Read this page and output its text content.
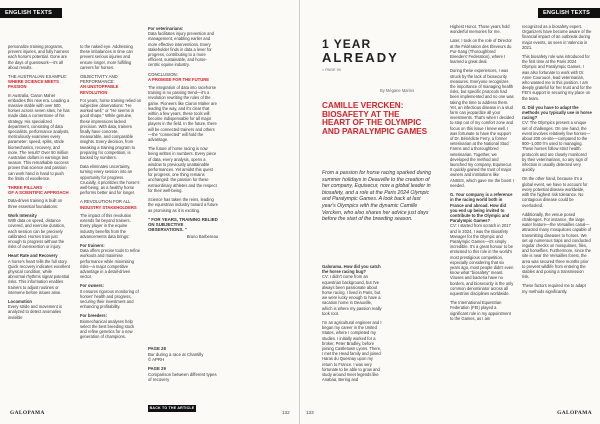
ENGLISH TEXTS

personalize training programs, prevent injuries, and fully harness each horse's potential. Gone are the days of guesswork—it's all about results.

THE AUSTRALIAN EXAMPLE:
WHERE SCIENCE MEETS PASSION

In Australia, Ciaron Maher embodies this new era. Leading a massive stable with over 600 horses across seven sites, he has made data a cornerstone of his strategy. His specialized department, consisting of data specialists, performance analysts, meticulously examines every parameter: speed, splits, stride biomechanics, recovery, and more. The result? Over 50 million Australian dollars in earnings last season. This remarkable success proves that science and passion can work hand in hand to push the limits of excellence.

THREE PILLARS
OF A SCIENTIFIC APPROACH

Data-driven training is built on three essential foundations:

Work Intensity

With data on speed, distance covered, and exercise duration, each session can be precisely calibrated. Horses train just enough to progress without the risks of overexertion or injury.

Heart Rate and Recovery

A horse's heart tells the full story. Quick recovery indicates excellent physical condition, while abnormal rhythms signal potential risks. This information enables trainers to adjust routines or intervene before issues arise.

Locomotion

Every stride and movement is analyzed to detect anomalies invisible

to the naked eye. Addressing these imbalances in time can prevent serious injuries and ensure longer, more fulfilling careers for horses.

OBJECTIVITY AND PERFORMANCE:
AN UNSTOPPABLE REVOLUTION

For years, horse training relied on subjective observations: "He worked well," or "He seems in good shape." While genuine, these impressions lacked precision. With data, trainers finally have concrete, measurable, and comparable insights. Every decision, from tweaking a training program to preparing for competition, is backed by numbers.

Data eliminates uncertainty, turning every session into an opportunity for progress. Crucially, it prioritizes the horse's well-being, as a healthy horse performs better and for longer.

A REVOLUTION FOR ALL
INDUSTRY STAKEHOLDERS

The impact of this revolution extends far beyond trainers. Every player in the equine industry benefits from the advancements data brings:

For trainers:

Data offers precise tools to refine workouts and maximise performance while minimising risks—a major competitive advantage in a detail-driven sector.

For owners:

It ensures rigorous monitoring of horses' health and progress, securing their investment and enhancing profitability.

For breeders:

Biomechanical analyses help select the best breeding stock and refine genetics for a new generation of champions.

For veterinarians:

Data facilitates injury prevention and management, enabling earlier and more effective interventions. Every stakeholder finds in data a lever for progress, contributing to a more efficient, sustainable, and horse-centric equine industry.

CONCLUSION:
A PROMISE FOR THE FUTURE

The integration of data into racehorse training is no passing trend—it's a revolution rewriting the rules of the game. Pioneers like Ciaron Maher are leading the way, and it's clear that within a few years, these tools will become indispensable for all major players in the field. In the future, there will be connected trainers and others—the "connected" will hold the advantage.

The future of horse racing is now being written in numbers. Every piece of data, every analysis, opens a window to previously unattainable performances. Yet amidst this quest for progress, one thing remains unchanged: the passion for these extraordinary athletes and the respect for their well-being.

Science has taken the reins, leading the equestrian industry toward a future as promising as it is exciting.

" FOR YEARS, TRAINING RELIED ON SUBJECTIVE OBSERVATIONS. "
Bruno Barbereau
PAGE 28
Bur during a race at Chantilly
© APRH
PAGE 29
Comparison between different types of recovery
BACK TO THE ARTICLE →
GALOPAMA	132
ENGLISH TEXTS
1 YEAR
ALREADY
> PAGE 90
By Mégane Marins
CAMILLE VERCKEN: BIOSAFETY AT THE HEART OF THE OLYMPIC AND PARALYMPIC GAMES
From a passion for horse racing sparked during summer holidays in Deauville to the creation of her company, Equisecur, now a global leader in biosafety, and a role at the Paris 2024 Olympic and Paralympic Games. A look back at last year's Olympics with the dynamic Camille Vercken, who also shares her advice just days before the start of the breeding season.
Galorama. How did you catch the horse racing bug?

CV: I didn't come from an equestrian background, but I've always been passionate about horse racing. I lived in Paris, but we were lucky enough to have a vacation home in Deauville, which is where my passion really took root.

I'm an agricultural engineer and I began my career in the United States, where I completed my studies. I initially worked for a broker, Peter Bradley, before joining Castletown Lyons. There, I met the Head family and joined Haras du Quesnay upon my return to France. I was very fortunate to be able to grow and study around meet legends like Anabaa, Bering and

Highest Honor. Those years hold wonderful memories for me.

Later, I took on the role of Director at the Fédération des Éleveurs du Pur-Sang (Thoroughbred Breeders' Federation), where I learned a great deal.

During these experiences, I was struck by the lack of biosecurity measures. Everyone recognizes the importance of managing health risks, but specific protocols had been implemented and no one was taking the time to address them. Yet, an infectious disease in a stud farm can jeopardize all your investments. That's when I decided to step out of my comfort zone and focus on this issue I knew well. I was fortunate to have the support of Dr. Bénédicte Ferry, a former veterinarian at the National Stud Farms and a thoroughbred veterinarian. Together, we developed the method and launched my company, Equisecur. It quickly gained the trust of major owners and institutions like ANSES, which gave me the boost I needed.

G. Your company is a reference in the racing world both in France and abroad. How did you end up being invited to contribute to the Olympic and Paralympic Games?

CV: I started from scratch in 2017 and in 2024, I was the Biosafety Manager for the Olympic and Paralympic Games—it's simply incredible. It's a great honour to be entrusted to this role in the world's most prestigious competition, especially considering that six years ago, most people didn't even know what "biosafety" meant. Viruses and bacteria have no borders, and biosecurity is the only common denominator across all equestrian disciplines worldwide.

The International Equestrian Federation (FEI) played a significant role in my appointment to the Games, as I am

recognized as a biosafety expert. Organizers have become aware of the financial impact of an outbreak during major events, as seen in Valencia in 2021.

This biosafety role was introduced for the first time at the Paris 2024 Olympic and Paralympic Games. I was also fortunate to work with Dr. Anne Couroucé, lead veterinarian, who wanted me in this position. I am deeply grateful for her trust and for the FEI's support in securing my place on the team.

G. Did you have to adapt the methods you typically use in horse racing?

CV: The Olympics present a unique set of challenges. On one hand, the event involves relatively few horses—about 200 on-site—compared to the 800–1,000 I'm used to managing. These horses follow strict health protocols and are closely monitored by their veterinarians, so any sign of infection is usually detected very quickly.

On the other hand, because it's a global event, we have to account for every potential disease worldwide, with the highest risk tolerance. No contagious disease could be overlooked.

Additionally, the venue posed challenges. For instance, the large water feature—the Versailles canal—attracted many mosquitoes capable of transmitting diseases to horses. We set up numerous traps and conducted regular checks on mosquitoes, flies, and horseflies. Furthermore, since the site is near the Versailles forest, the area was secured three months prior to prevent wildlife from entering the stables and posing a transmission risk.

These factors required me to adapt my methods significantly.

133	GALOPAMA
